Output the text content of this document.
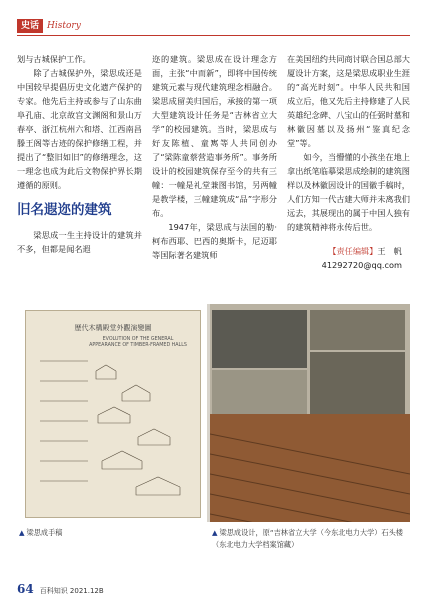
史话 History

划与古城保护工作。

除了古城保护外，梁思成还是中国较早提倡历史文化遗产保护的专家。他先后主持或参与了山东曲阜孔庙、北京故宫文渊阁和景山万春亭、浙江杭州六和塔、江西南昌滕王阁等古迹的保护修缮工程，并提出了“整旧如旧”的修缮理念，这一理念也成为此后文物保护界长期遵循的原则。

旧名遐迩的建筑

梁思成一生主持设计的建筑并不多，但都是闻名遐

迩的建筑。梁思成在设计理念方面，主张“中而新”，即将中国传统建筑元素与现代建筑理念相融合。梁思成留美归国后，承接的第一项大型建筑设计任务是“吉林省立大学”的校园建筑。当时，梁思成与好友陈植、童寯等人共同创办了“梁陈童蔡营造事务所”。事务所设计的校园建筑保存至今的共有三幢：一幢是礼堂兼图书馆，另两幢是教学楼，三幢建筑成“品”字形分布。

1947年，梁思成与法国的勒·柯布西耶、巴西的奥斯卡，尼迈耶等国际著名建筑师

在美国纽约共同商讨联合国总部大厦设计方案，这是梁思成职业生涯的“高光时刻”。中华人民共和国成立后，他又先后主持修建了人民英雄纪念碑、八宝山的任弼时墓和林徽因墓以及扬州“鉴真纪念堂”等。

如今，当懵懂的小孩坐在地上拿出纸笔临摹梁思成绘制的建筑图样以及林徽因设计的国徽手稿时，人们方知一代古建大师并未离我们远去，其展现出的属于中国人独有的建筑精神将永传后世。

【责任编辑】王　帆
41292720@qq.com
歷代木構殿堂外觀演變圖
EVOLUTION OF THE GENERAL APPEARANCE OF TIMBER-FRAMED HALLS
▲ 梁思成手稿	▲ 梁思成设计，原“吉林省立大学（今东北电力大学）石头楼（东北电力大学档案馆藏）
64 百科知识 2021.12B
